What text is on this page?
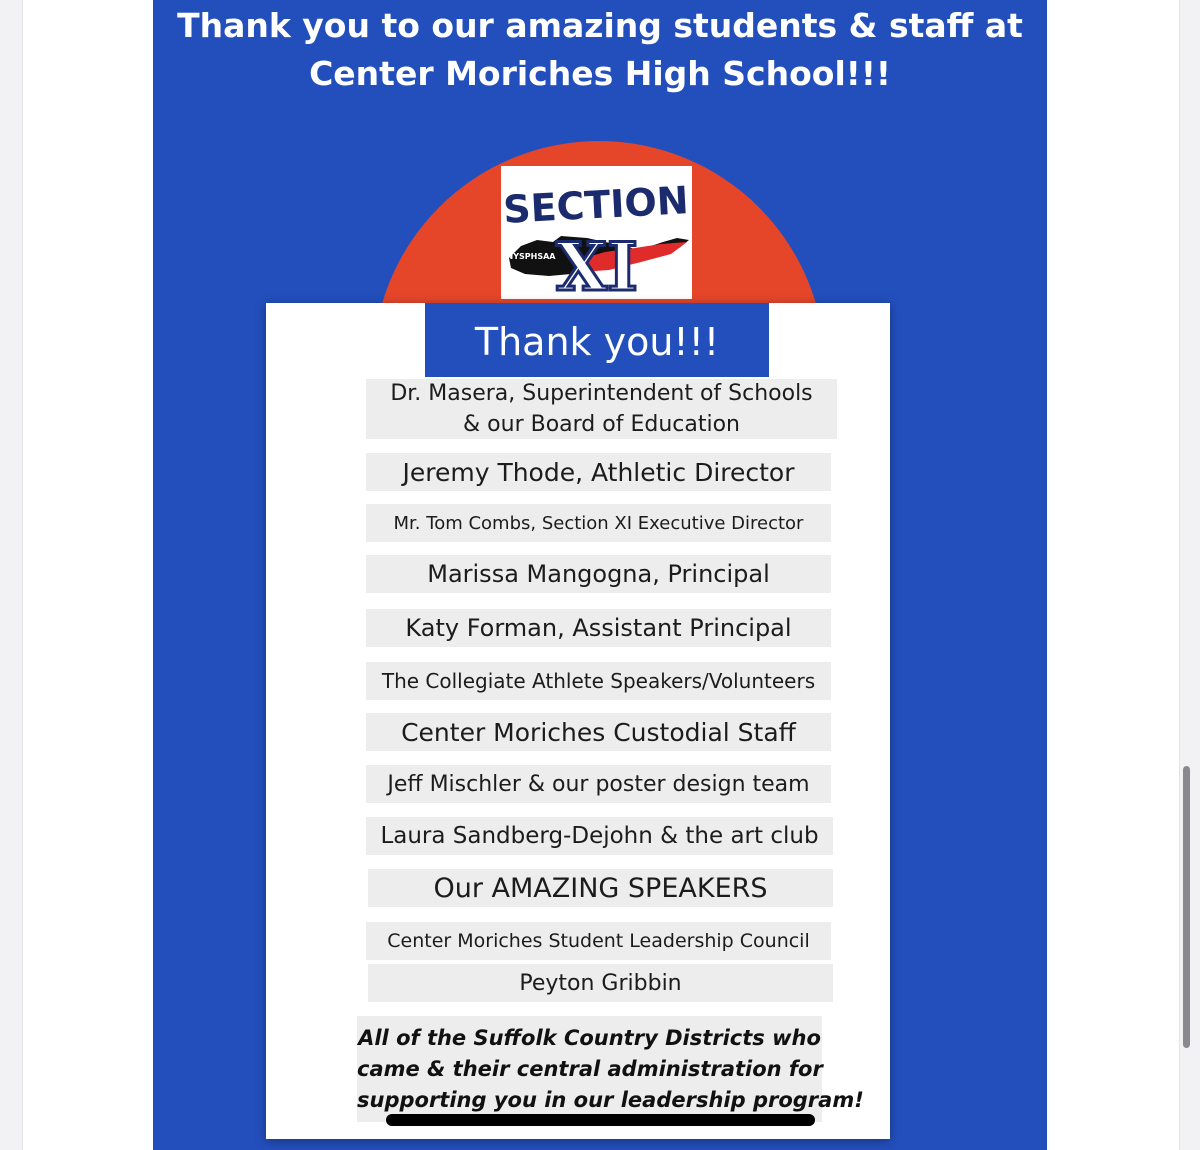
Thank you to our amazing students & staff at
Center Moriches High School!!!
SECTION
XI
NYSPHSAA
Thank you!!!
Dr. Masera, Superintendent of Schools
& our Board of Education
Jeremy Thode, Athletic Director
Mr. Tom Combs, Section XI Executive Director
Marissa Mangogna, Principal
Katy Forman, Assistant Principal
The Collegiate Athlete Speakers/Volunteers
Center Moriches Custodial Staff
Jeff Mischler & our poster design team
Laura Sandberg-Dejohn & the art club
Our AMAZING SPEAKERS
Center Moriches Student Leadership Council
Peyton Gribbin
All of the Suffolk Country Districts who
came & their central administration for
supporting you in our leadership program!
